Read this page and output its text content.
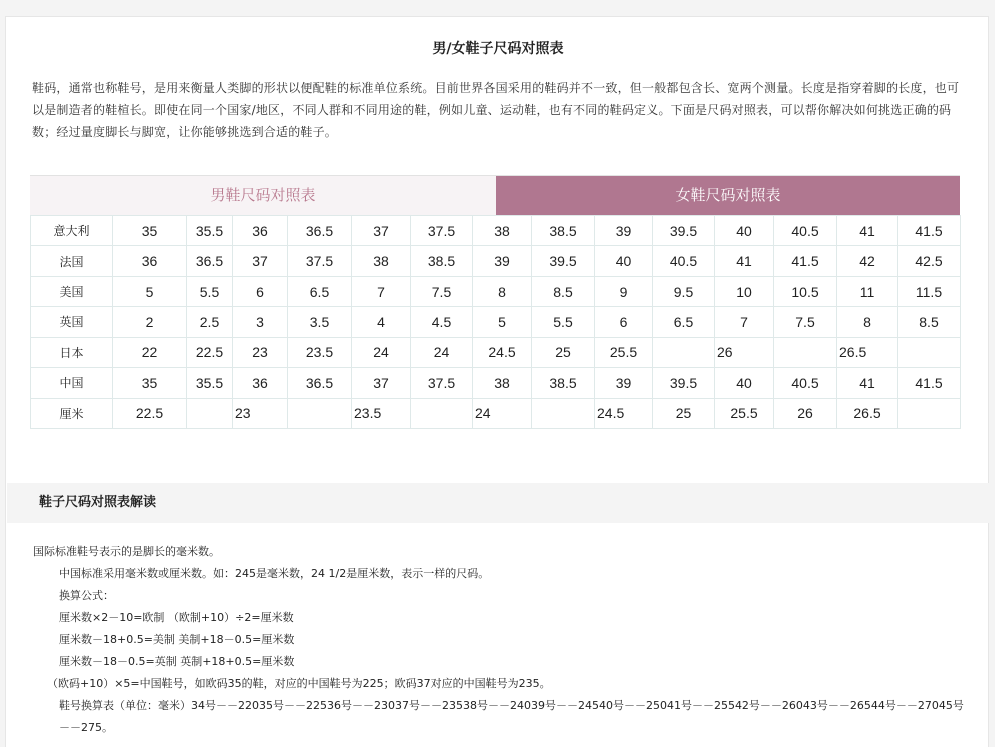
男/女鞋子尺码对照表
鞋码，通常也称鞋号，是用来衡量人类脚的形状以便配鞋的标准单位系统。目前世界各国采用的鞋码并不一致，但一般都包含长、宽两个测量。长度是指穿着脚的长度，也可以是制造者的鞋楦长。即使在同一个国家/地区，不同人群和不同用途的鞋，例如儿童、运动鞋，也有不同的鞋码定义。下面是尺码对照表，可以帮你解决如何挑选正确的码数；经过量度脚长与脚宽，让你能够挑选到合适的鞋子。
男鞋尺码对照表	女鞋尺码对照表
意大利	35	35.5	36	36.5	37	37.5	38	38.5	39	39.5	40	40.5	41	41.5
法国	36	36.5	37	37.5	38	38.5	39	39.5	40	40.5	41	41.5	42	42.5
美国	5	5.5	6	6.5	7	7.5	8	8.5	9	9.5	10	10.5	11	11.5
英国	2	2.5	3	3.5	4	4.5	5	5.5	6	6.5	7	7.5	8	8.5
日本	22	22.5	23	23.5	24	24	24.5	25	25.5		26		26.5	
中国	35	35.5	36	36.5	37	37.5	38	38.5	39	39.5	40	40.5	41	41.5
厘米	22.5		23		23.5		24		24.5	25	25.5	26	26.5	
鞋子尺码对照表解读

国际标准鞋号表示的是脚长的毫米数。

中国标准采用毫米数或厘米数。如：245是毫米数，24 1/2是厘米数，表示一样的尺码。

换算公式：

厘米数×2－10=欧制 （欧制+10）÷2=厘米数

厘米数－18+0.5=美制 美制+18－0.5=厘米数

厘米数－18－0.5=英制 英制+18+0.5=厘米数

（欧码+10）×5=中国鞋号，如欧码35的鞋，对应的中国鞋号为225；欧码37对应的中国鞋号为235。

鞋号换算表（单位：毫米）34号－－22035号－－22536号－－23037号－－23538号－－24039号－－24540号－－25041号－－25542号－－26043号－－26544号－－27045号－－275。
